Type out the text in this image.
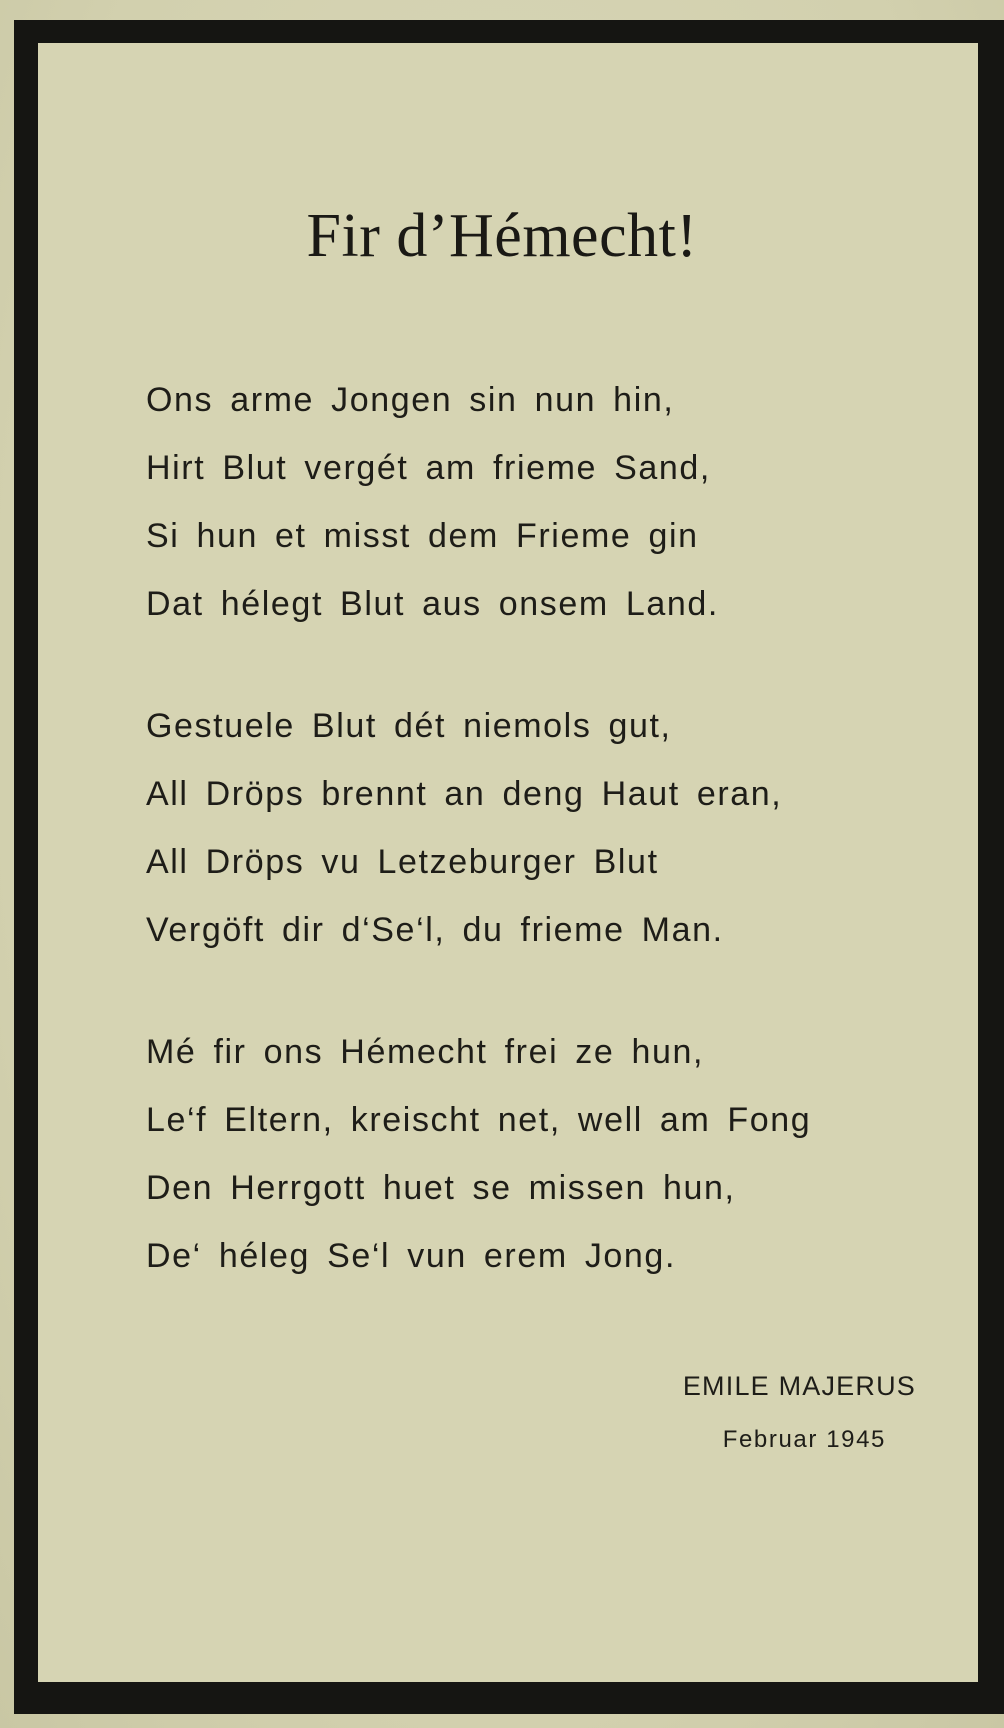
Fir d’Hémecht!
Ons arme Jongen sin nun hin,
Hirt Blut vergét am frieme Sand,
Si hun et misst dem Frieme gin
Dat hélegt Blut aus onsem Land.
Gestuele Blut dét niemols gut,
All Dröps brennt an deng Haut eran,
All Dröps vu Letzeburger Blut
Vergöft dir d‘Se‘l, du frieme Man.
Mé fir ons Hémecht frei ze hun,
Le‘f Eltern, kreischt net, well am Fong
Den Herrgott huet se missen hun,
De‘ héleg Se‘l vun erem Jong.
EMILE MAJERUS
Februar 1945
